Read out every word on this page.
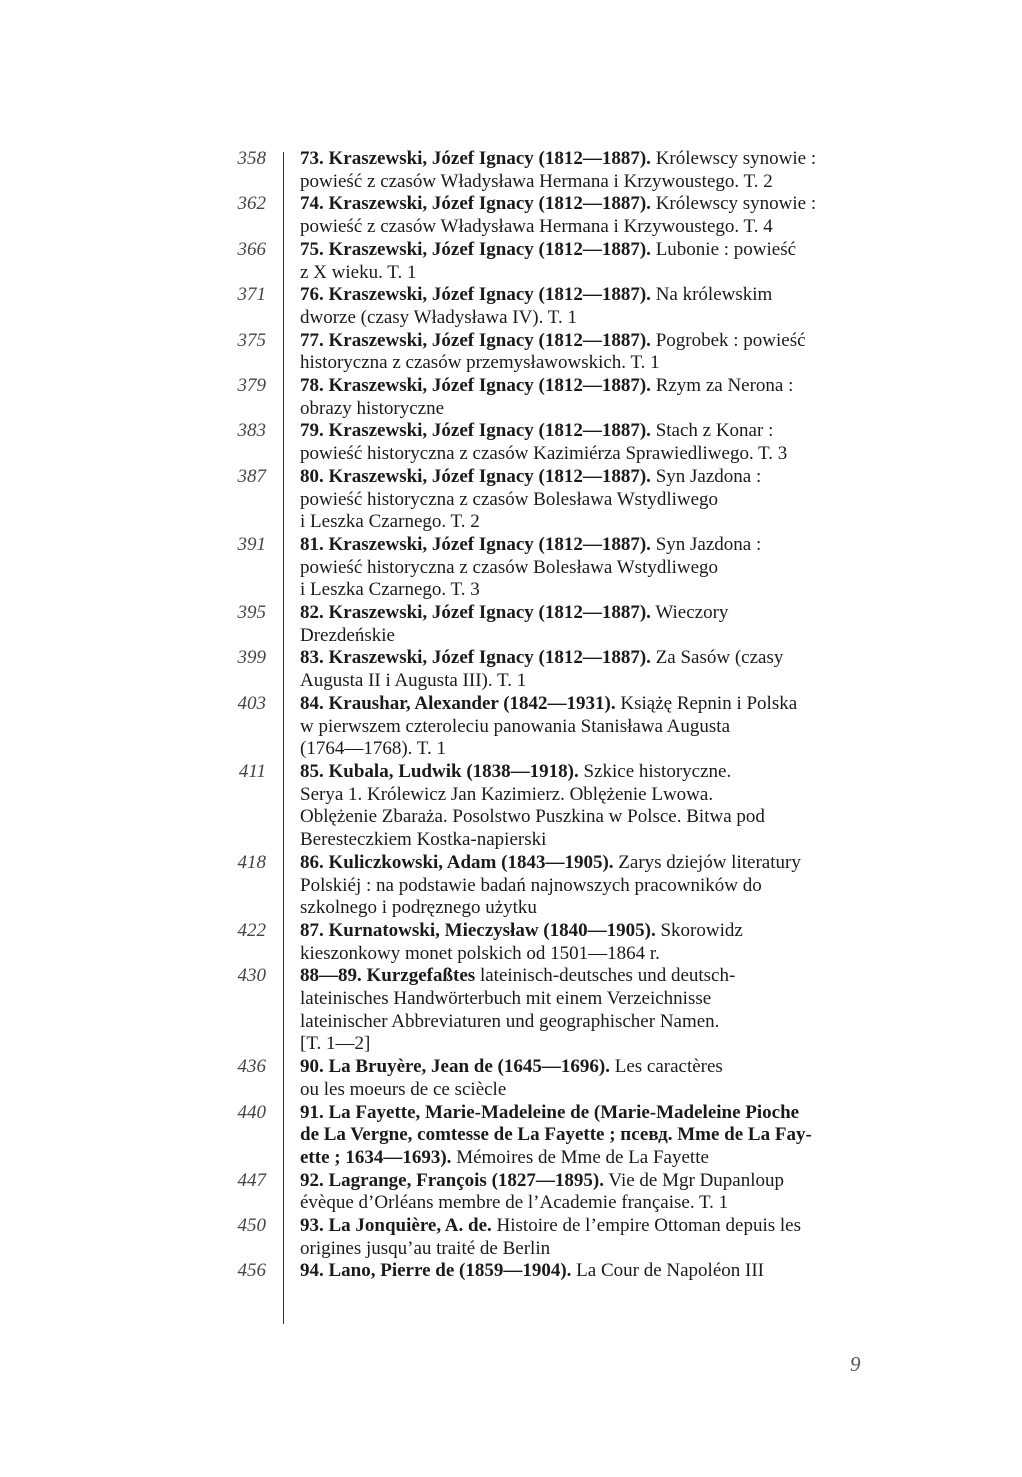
358 73. Kraszewski, Józef Ignacy (1812—1887). Królewscy synowie :
powieść z czasów Władysława Hermana i Krzywoustego. T. 2
362 74. Kraszewski, Józef Ignacy (1812—1887). Królewscy synowie :
powieść z czasów Władysława Hermana i Krzywoustego. T. 4
366 75. Kraszewski, Józef Ignacy (1812—1887). Lubonie : powieść
z X wieku. T. 1
371 76. Kraszewski, Józef Ignacy (1812—1887). Na królewskim
dworze (czasy Władysława IV). T. 1
375 77. Kraszewski, Józef Ignacy (1812—1887). Pogrobek : powieść
historyczna z czasów przemysławowskich. T. 1
379 78. Kraszewski, Józef Ignacy (1812—1887). Rzym za Nerona :
obrazy historyczne
383 79. Kraszewski, Józef Ignacy (1812—1887). Stach z Konar :
powieść historyczna z czasów Kazimiérza Sprawiedliwego. T. 3
387 80. Kraszewski, Józef Ignacy (1812—1887). Syn Jazdona :
powieść historyczna z czasów Bolesława Wstydliwego
i Leszka Czarnego. T. 2
391 81. Kraszewski, Józef Ignacy (1812—1887). Syn Jazdona :
powieść historyczna z czasów Bolesława Wstydliwego
i Leszka Czarnego. T. 3
395 82. Kraszewski, Józef Ignacy (1812—1887). Wieczory
Drezdeńskie
399 83. Kraszewski, Józef Ignacy (1812—1887). Za Sasów (czasy
Augusta II i Augusta III). T. 1
403 84. Kraushar, Alexander (1842—1931). Książę Repnin i Polska
w pierwszem czteroleciu panowania Stanisława Augusta
(1764—1768). T. 1
411 85. Kubala, Ludwik (1838—1918). Szkice historyczne.
Serya 1. Królewicz Jan Kazimierz. Oblężenie Lwowa.
Oblężenie Zbaraża. Posolstwo Puszkina w Polsce. Bitwa pod
Beresteczkiem Kostka-napierski
418 86. Kuliczkowski, Adam (1843—1905). Zarys dziejów literatury
Polskiéj : na podstawie badań najnowszych pracowników do
szkolnego i podręznego użytku
422 87. Kurnatowski, Mieczysław (1840—1905). Skorowidz
kieszonkowy monet polskich od 1501—1864 r.
430 88—89. Kurzgefaßtes lateinisch-deutsches und deutsch-
lateinisches Handwörterbuch mit einem Verzeichnisse
lateinischer Abbreviaturen und geographischer Namen.
[T. 1—2]
436 90. La Bruyère, Jean de (1645—1696). Les caractères
ou les moeurs de ce sciècle
440 91. La Fayette, Marie-Madeleine de (Marie-Madeleine Pioche
de La Vergne, comtesse de La Fayette ; псевд. Mme de La Fay-
ette ; 1634—1693). Mémoires de Mme de La Fayette
447 92. Lagrange, François (1827—1895). Vie de Mgr Dupanloup
évèque d’Orléans membre de l’Academie française. T. 1
450 93. La Jonquière, A. de. Histoire de l’empire Ottoman depuis les
origines jusqu’au traité de Berlin
456 94. Lano, Pierre de (1859—1904). La Cour de Napoléon III
9
